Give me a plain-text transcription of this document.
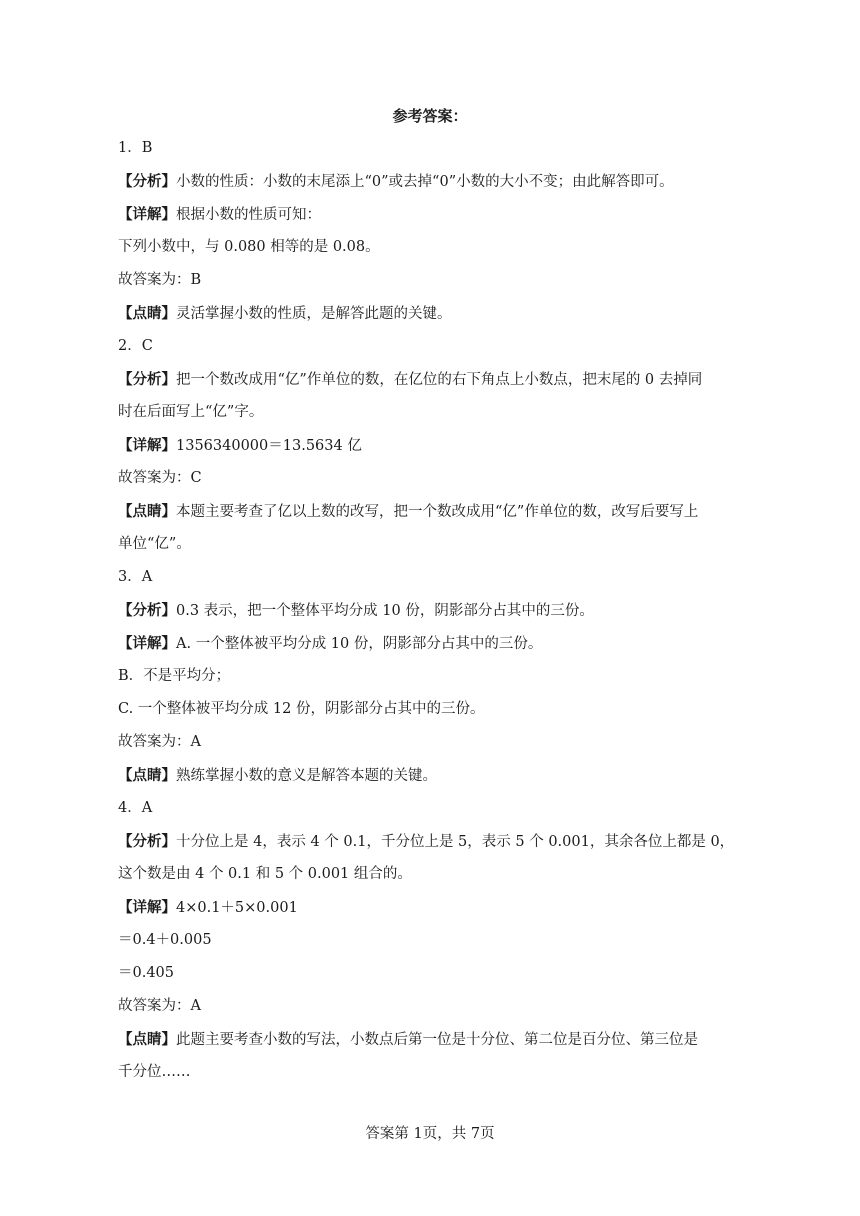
参考答案：
1．B
【分析】小数的性质：小数的末尾添上“0”或去掉“0”小数的大小不变；由此解答即可。
【详解】根据小数的性质可知：
下列小数中，与 0.080 相等的是 0.08。
故答案为：B
【点睛】灵活掌握小数的性质，是解答此题的关键。
2．C
【分析】把一个数改成用“亿”作单位的数，在亿位的右下角点上小数点，把末尾的 0 去掉同
时在后面写上“亿”字。
【详解】1356340000＝13.5634 亿
故答案为：C
【点睛】本题主要考查了亿以上数的改写，把一个数改成用“亿”作单位的数，改写后要写上
单位“亿”。
3．A
【分析】0.3 表示，把一个整体平均分成 10 份，阴影部分占其中的三份。
【详解】A. 一个整体被平均分成 10 份，阴影部分占其中的三份。
B．不是平均分；
C. 一个整体被平均分成 12 份，阴影部分占其中的三份。
故答案为：A
【点睛】熟练掌握小数的意义是解答本题的关键。
4．A
【分析】十分位上是 4，表示 4 个 0.1，千分位上是 5，表示 5 个 0.001，其余各位上都是 0，
这个数是由 4 个 0.1 和 5 个 0.001 组合的。
【详解】4×0.1＋5×0.001
＝0.4＋0.005
＝0.405
故答案为：A
【点睛】此题主要考查小数的写法，小数点后第一位是十分位、第二位是百分位、第三位是
千分位……
答案第 1页，共 7页
